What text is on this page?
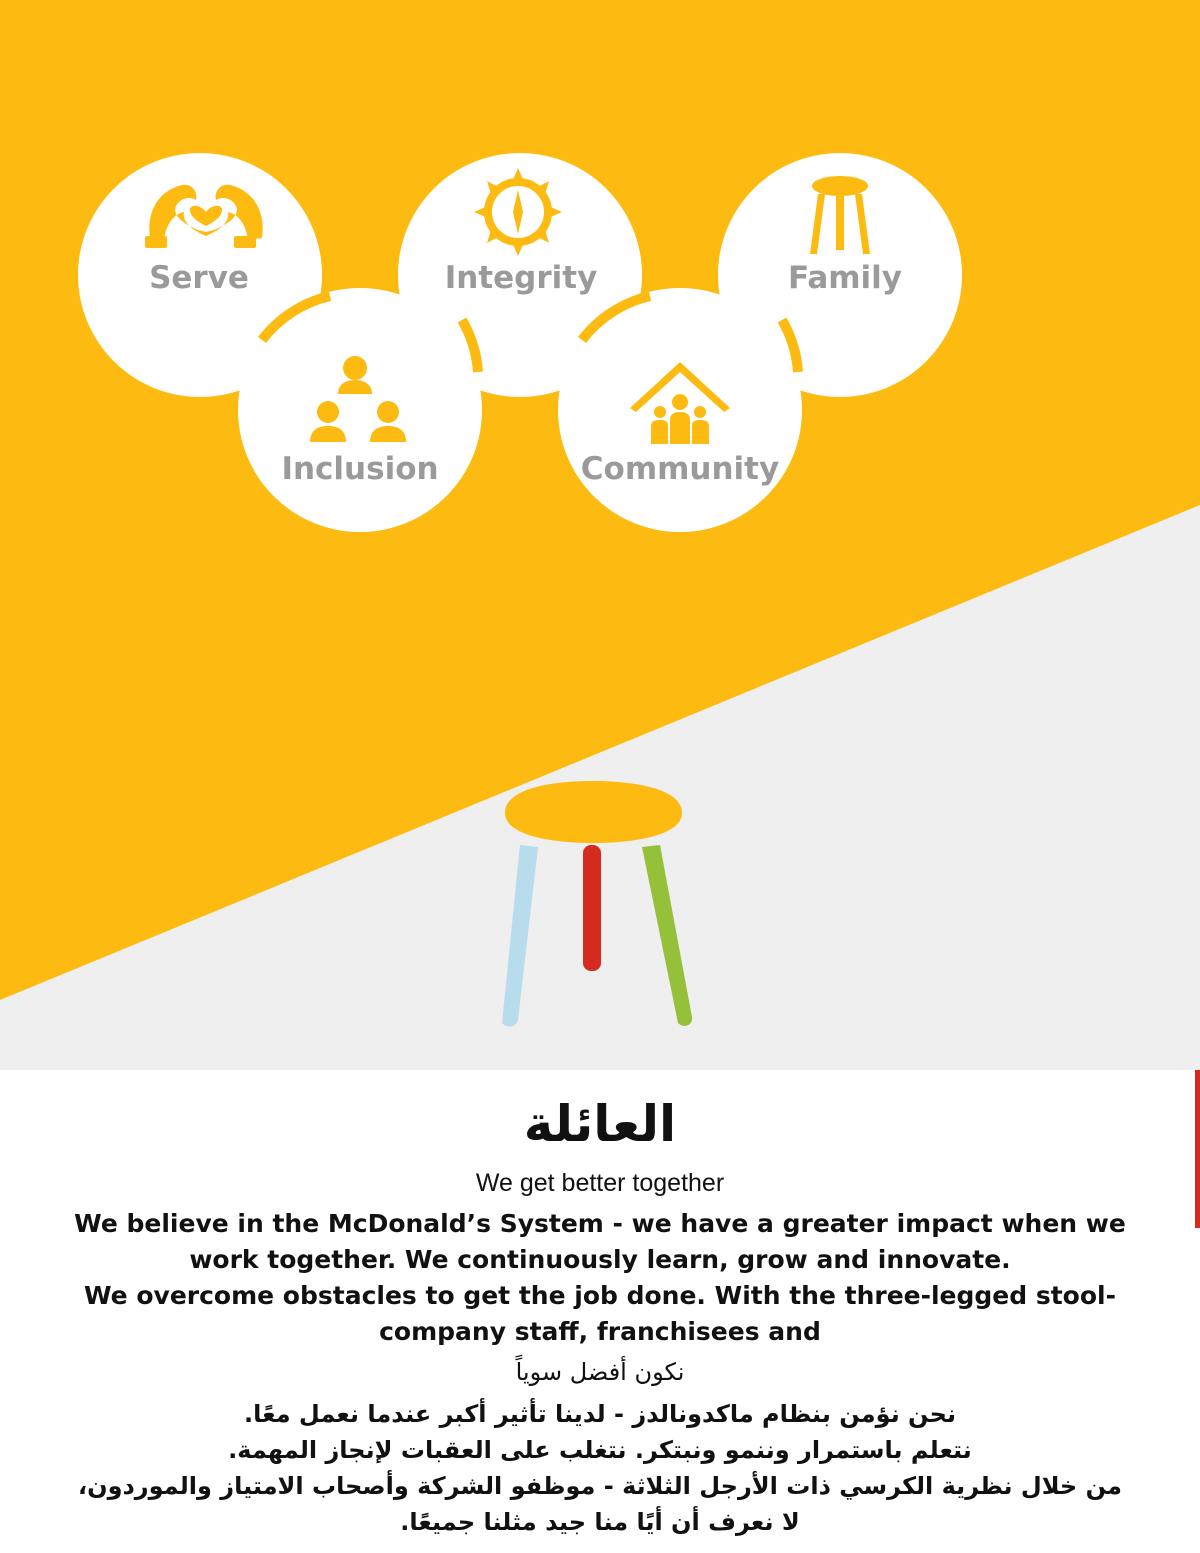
Serve	Integrity	Family
Inclusion	Community
العائلة
We get better together
We believe in the McDonald’s System - we have a greater impact when we
work together. We continuously learn, grow and innovate.
We overcome obstacles to get the job done. With the three-legged stool-
company staff, franchisees and
نكون أفضل سوياً
نحن نؤمن بنظام ماكدونالدز - لدينا تأثير أكبر عندما نعمل معًا.
نتعلم باستمرار وننمو ونبتكر. نتغلب على العقبات لإنجاز المهمة.
من خلال نظرية الكرسي ذات الأرجل الثلاثة - موظفو الشركة وأصحاب الامتياز والموردون،
لا نعرف أن أيًا منا جيد مثلنا جميعًا.
